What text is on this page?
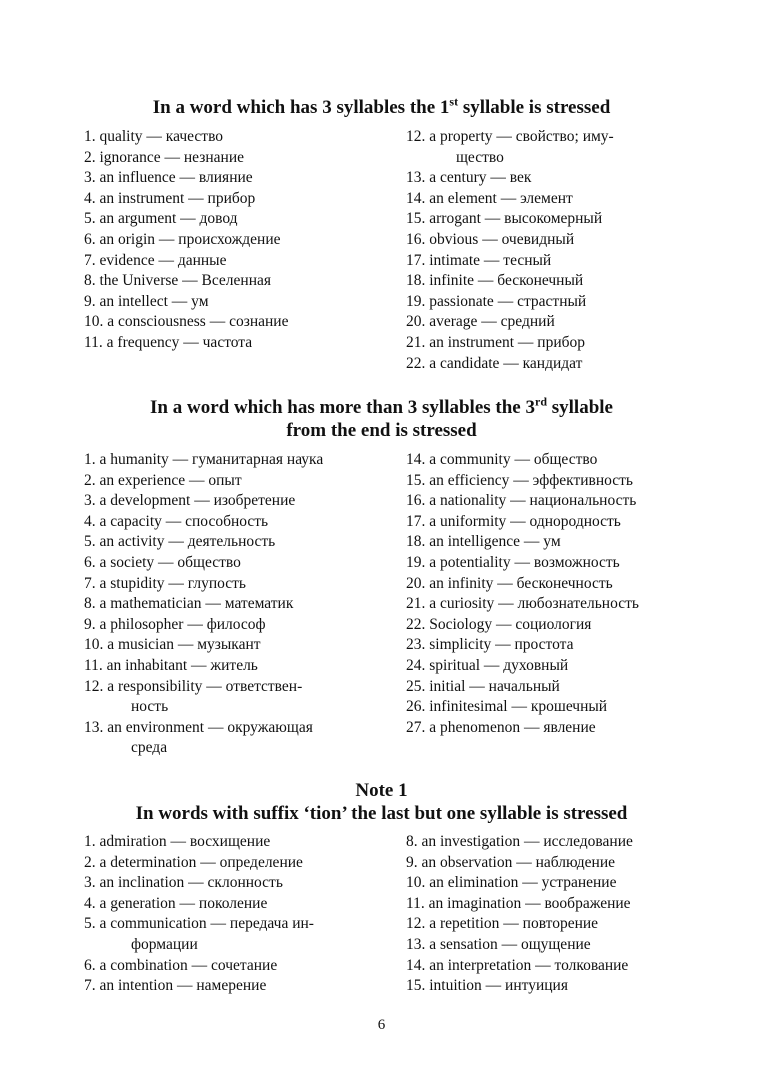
In a word which has 3 syllables the 1st syllable is stressed
1. quality — качество
2. ignorance — незнание
3. an influence — влияние
4. an instrument — прибор
5. an argument — довод
6. an origin — происхождение
7. evidence — данные
8. the Universe — Вселенная
9. an intellect — ум
10. a consciousness — сознание
11. a frequency — частота
12. a property — свойство; иму-
щество
13. a century — век
14. an element — элемент
15. arrogant — высокомерный
16. obvious — очевидный
17. intimate — тесный
18. infinite — бесконечный
19. passionate — страстный
20. average — средний
21. an instrument — прибор
22. a candidate — кандидат
In a word which has more than 3 syllables the 3rd syllable
from the end is stressed
1. a humanity — гуманитарная наука
2. an experience — опыт
3. a development — изобретение
4. a capacity — способность
5. an activity — деятельность
6. a society — общество
7. a stupidity — глупость
8. a mathematician — математик
9. a philosopher — философ
10. a musician — музыкант
11. an inhabitant — житель
12. a responsibility — ответствен-
ность
13. an environment — окружающая
среда
14. a community — общество
15. an efficiency — эффективность
16. a nationality — национальность
17. a uniformity — однородность
18. an intelligence — ум
19. a potentiality — возможность
20. an infinity — бесконечность
21. a curiosity — любознательность
22. Sociology — социология
23. simplicity — простота
24. spiritual — духовный
25. initial — начальный
26. infinitesimal — крошечный
27. a phenomenon — явление
Note 1
In words with suffix ‘tion’ the last but one syllable is stressed
1. admiration — восхищение
2. a determination — определение
3. an inclination — склонность
4. a generation — поколение
5. a communication — передача ин-
формации
6. a combination — сочетание
7. an intention — намерение
8. an investigation — исследование
9. an observation — наблюдение
10. an elimination — устранение
11. an imagination — воображение
12. a repetition — повторение
13. a sensation — ощущение
14. an interpretation — толкование
15. intuition — интуиция
6
